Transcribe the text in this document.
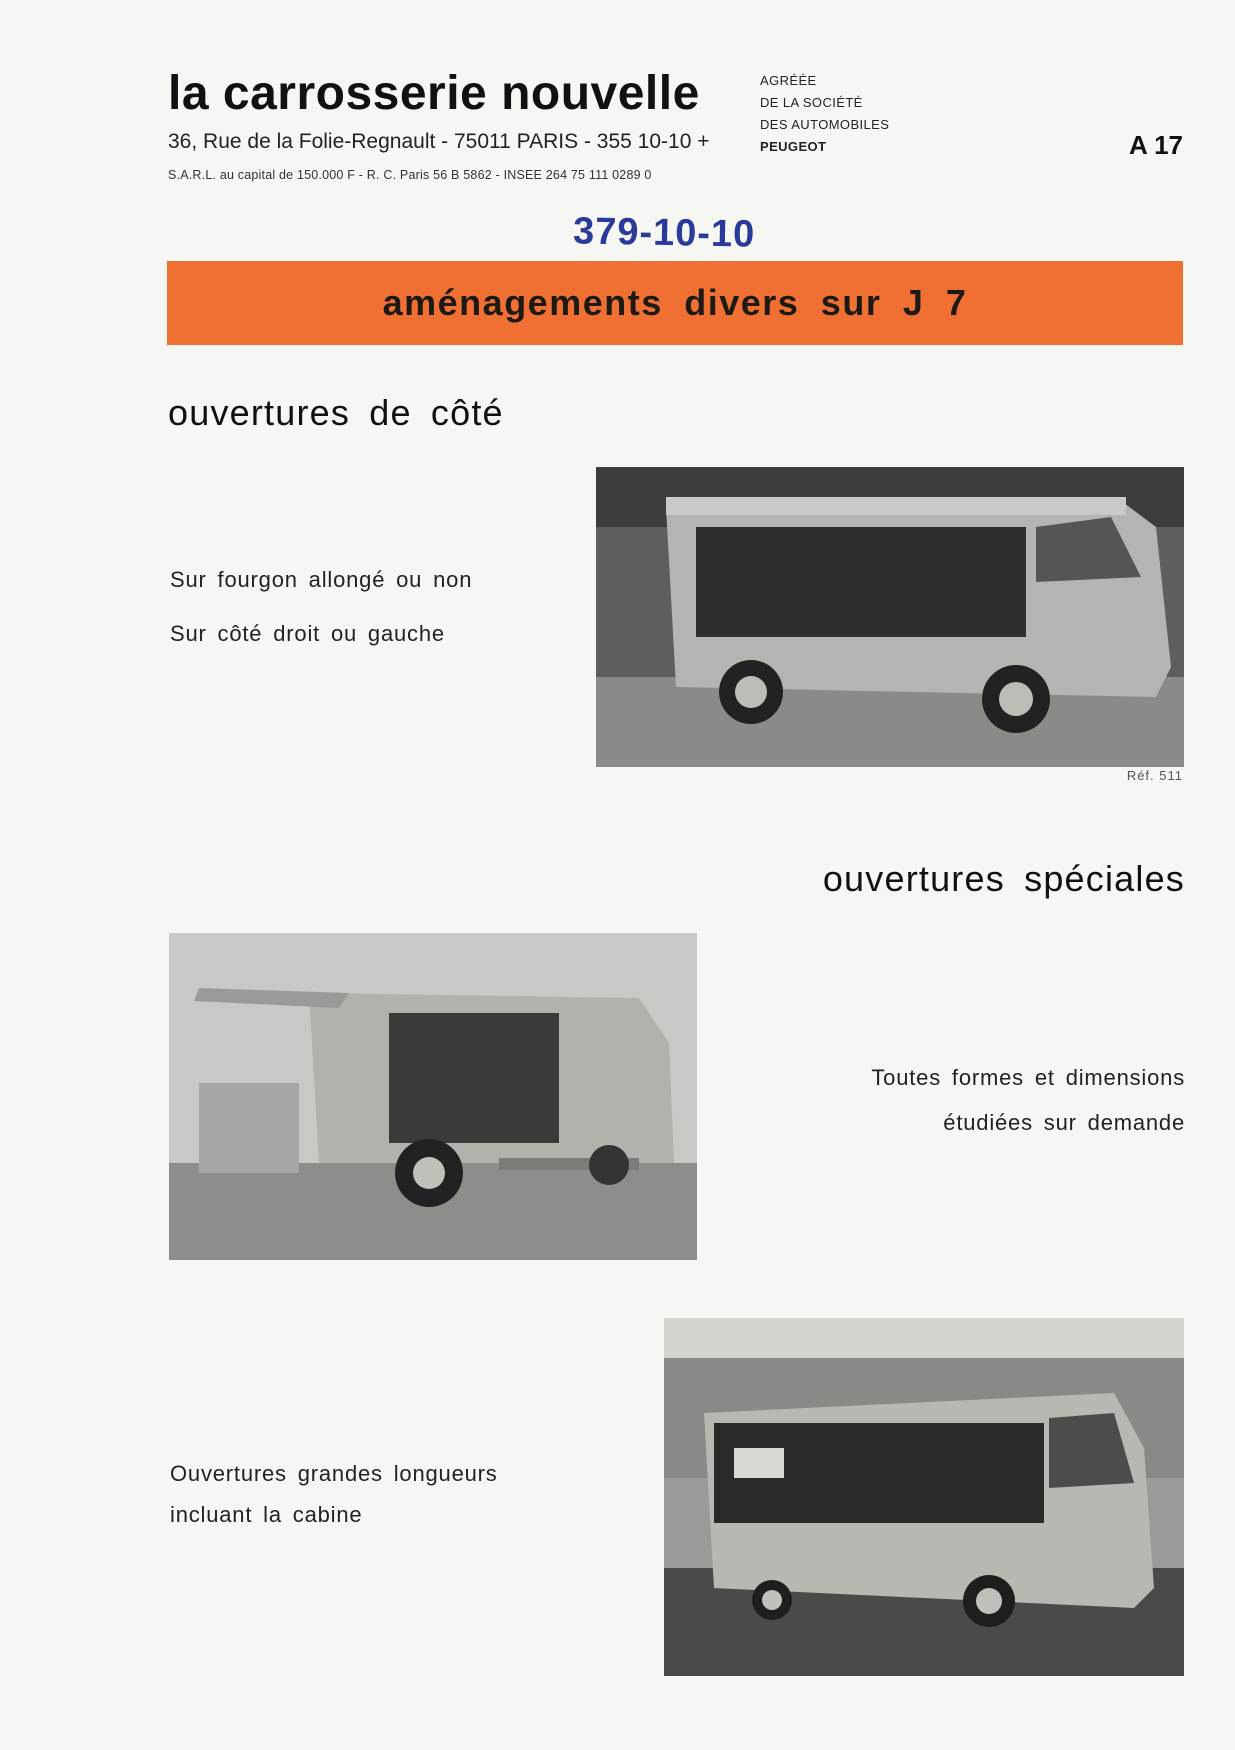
la carrosserie nouvelle
36, Rue de la Folie-Regnault - 75011 PARIS - 355 10-10 +
S.A.R.L. au capital de 150.000 F - R. C. Paris 56 B 5862 - INSEE 264 75 111 0289 0
AGRÉÉE
DE LA SOCIÉTÉ
DES AUTOMOBILES
PEUGEOT	A 17
379-10-10
aménagements divers sur J 7
ouvertures de côté
Sur fourgon allongé ou non
Sur côté droit ou gauche
Réf. 511
ouvertures spéciales
Toutes formes et dimensions
étudiées sur demande
Ouvertures grandes longueurs
incluant la cabine
